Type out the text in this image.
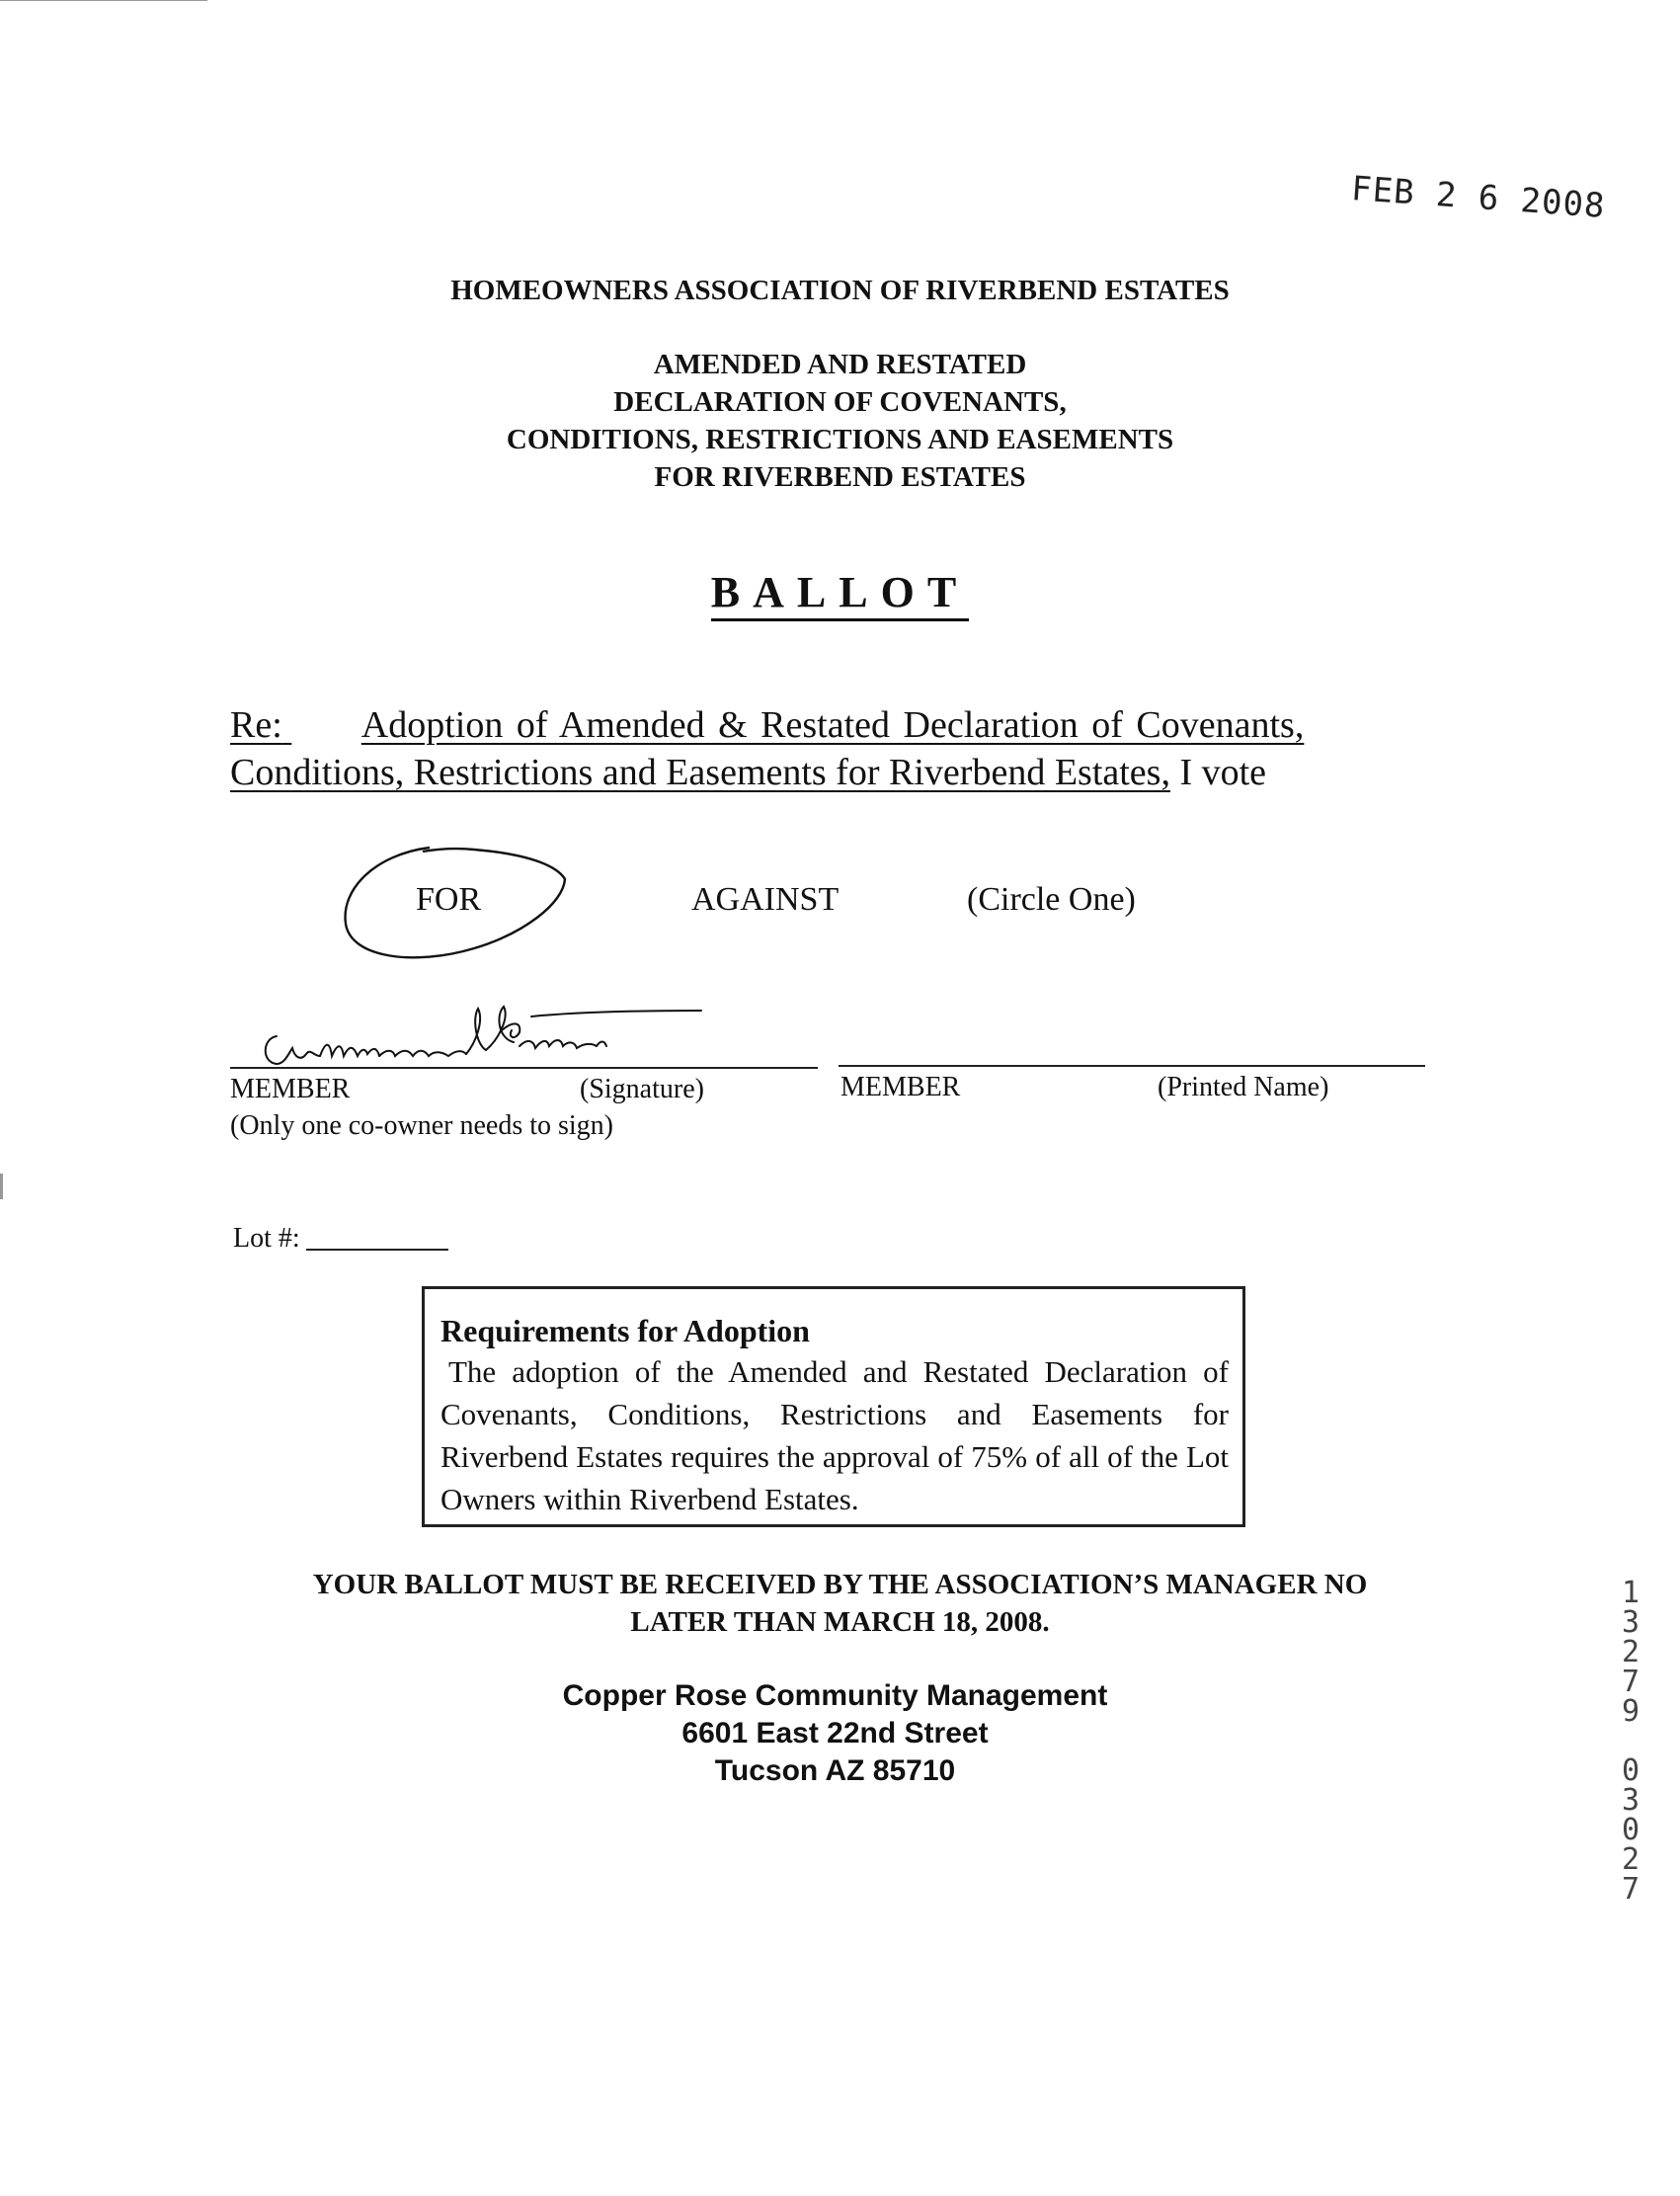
FEB 2 6 2008
HOMEOWNERS ASSOCIATION OF RIVERBEND ESTATES
AMENDED AND RESTATED
DECLARATION OF COVENANTS,
CONDITIONS, RESTRICTIONS AND EASEMENTS
FOR RIVERBEND ESTATES
BALLOT
Re: Adoption of Amended & Restated Declaration of Covenants,
Conditions, Restrictions and Easements for Riverbend Estates, I vote
FOR	AGAINST	(Circle One)
MEMBER	(Signature)	MEMBER	(Printed Name)
(Only one co-owner needs to sign)
Lot #:
Requirements for Adoption
The adoption of the Amended and Restated Declaration of Covenants, Conditions, Restrictions and Easements for Riverbend Estates requires the approval of 75% of all of the Lot Owners within Riverbend Estates.
YOUR BALLOT MUST BE RECEIVED BY THE ASSOCIATION’S MANAGER NO
LATER THAN MARCH 18, 2008.
Copper Rose Community Management
6601 East 22nd Street
Tucson AZ 85710
1
3
2
7
9
0
3
0
2
7
